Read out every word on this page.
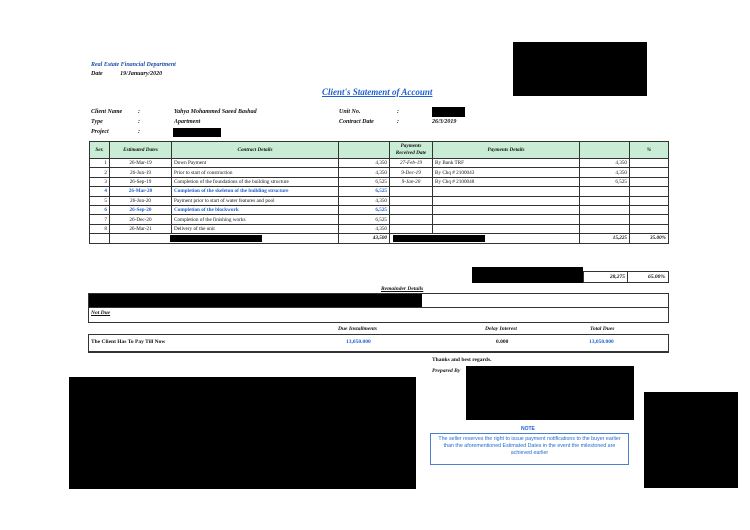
Real Estate Financial Department
Date	19/January/2020
Client's Statement of Account
Client Name	:	Yahya Mohammed Saeed Bashad
Type	:	Apartment
Project	:
Unit No.	:
Contract Date	:	26/3/2019
Ser.	Estimated Dates	Contract Details		Payments Received Date	Payments Details		%
1	26-Mar-19	Down Payment	4,350	27-Feb-19	By Bank TRF	4,350	
2	26-Jun-19	Prior to start of construction	4,350	9-Dec-19	By Chq # 2100043	4,350	
3	26-Sep-19	Completion of the foundations of the building structure	6,525	9-Jan-20	By Chq # 2100048	6,525	
4	26-Mar-20	Completion of the skeleton of the building structure	6,525				
5	26-Jun-20	Payment prior to start of water features and pool	4,350				
6	26-Sep-20	Completion of the blockwork	6,525				
7	26-Dec-20	Completion of the finishing works	6,525				
8	26-Mar-21	Delivery of the unit	4,350				

		43,500			15,225	35.00%
28,275	65.00%
Remainder Details
Not Due
Due Installments	Delay Interest	Total Dues
The Client Has To Pay Till Now	13,050.000	0.000	13,050.000
Thanks and best regards.
Prepared By
NOTE
The seller reserves the right to issue payment notifications to the buyer earlier than the aforementioned Estimated Dates in the event the milestoned are achieved earlier
